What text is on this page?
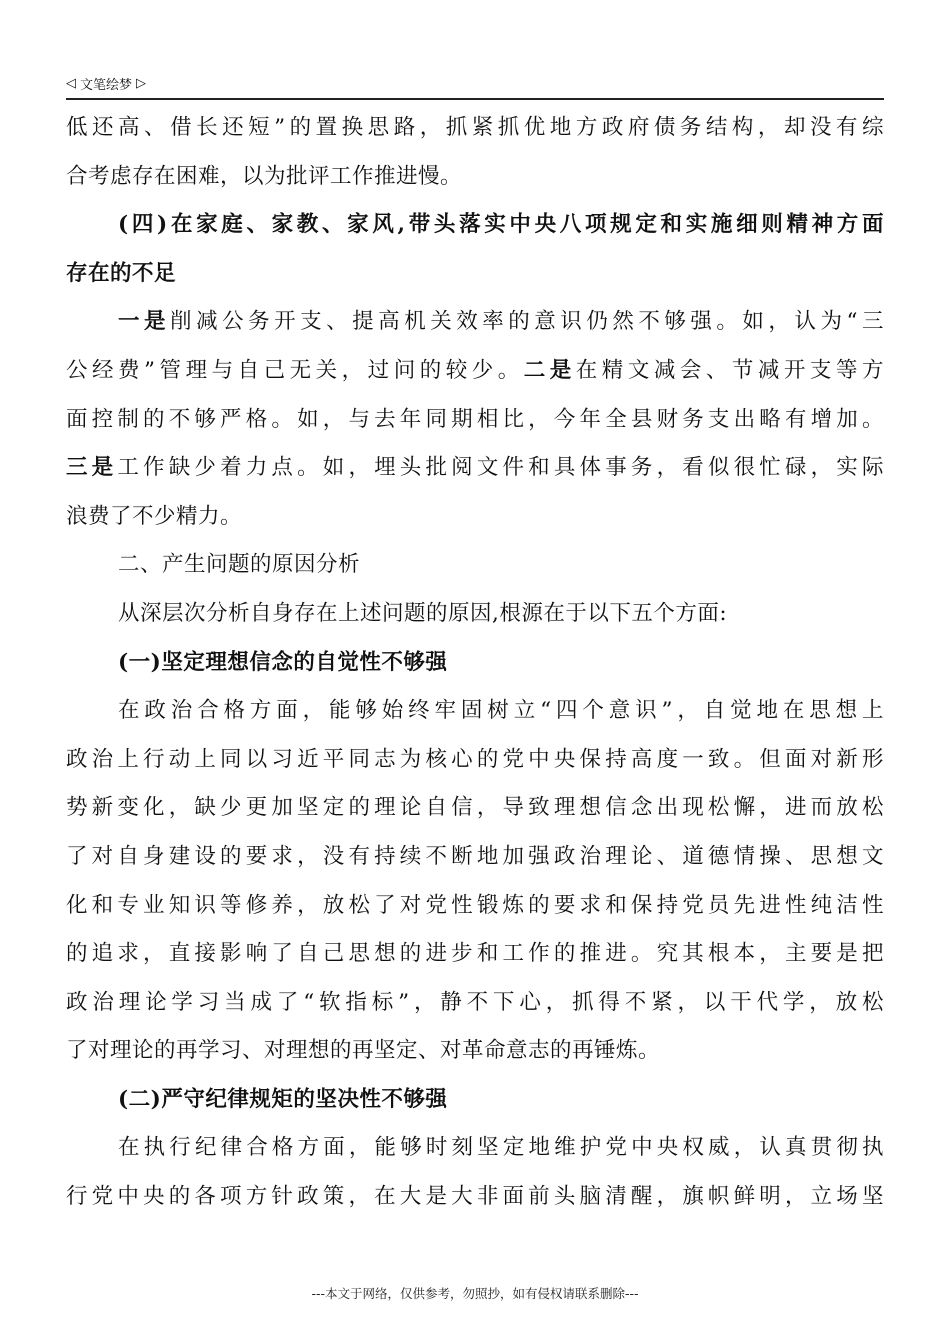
◁ 文笔绘梦 ▷
低还高、借长还短”的置换思路，抓紧抓优地方政府债务结构，却没有综
合考虑存在困难，以为批评工作推进慢。
(四)在家庭、家教、家风,带头落实中央八项规定和实施细则精神方面
存在的不足
一是削减公务开支、提高机关效率的意识仍然不够强。如，认为“三
公经费”管理与自己无关，过问的较少。二是在精文减会、节减开支等方
面控制的不够严格。如，与去年同期相比，今年全县财务支出略有增加。
三是工作缺少着力点。如，埋头批阅文件和具体事务，看似很忙碌，实际
浪费了不少精力。
二、产生问题的原因分析
从深层次分析自身存在上述问题的原因,根源在于以下五个方面:
(一)坚定理想信念的自觉性不够强
在政治合格方面，能够始终牢固树立“四个意识”，自觉地在思想上
政治上行动上同以习近平同志为核心的党中央保持高度一致。但面对新形
势新变化，缺少更加坚定的理论自信，导致理想信念出现松懈，进而放松
了对自身建设的要求，没有持续不断地加强政治理论、道德情操、思想文
化和专业知识等修养，放松了对党性锻炼的要求和保持党员先进性纯洁性
的追求，直接影响了自己思想的进步和工作的推进。究其根本，主要是把
政治理论学习当成了“软指标”，静不下心，抓得不紧，以干代学，放松
了对理论的再学习、对理想的再坚定、对革命意志的再锤炼。
(二)严守纪律规矩的坚决性不够强
在执行纪律合格方面，能够时刻坚定地维护党中央权威，认真贯彻执
行党中央的各项方针政策，在大是大非面前头脑清醒，旗帜鲜明，立场坚
---本文于网络，仅供参考，勿照抄，如有侵权请联系删除---
